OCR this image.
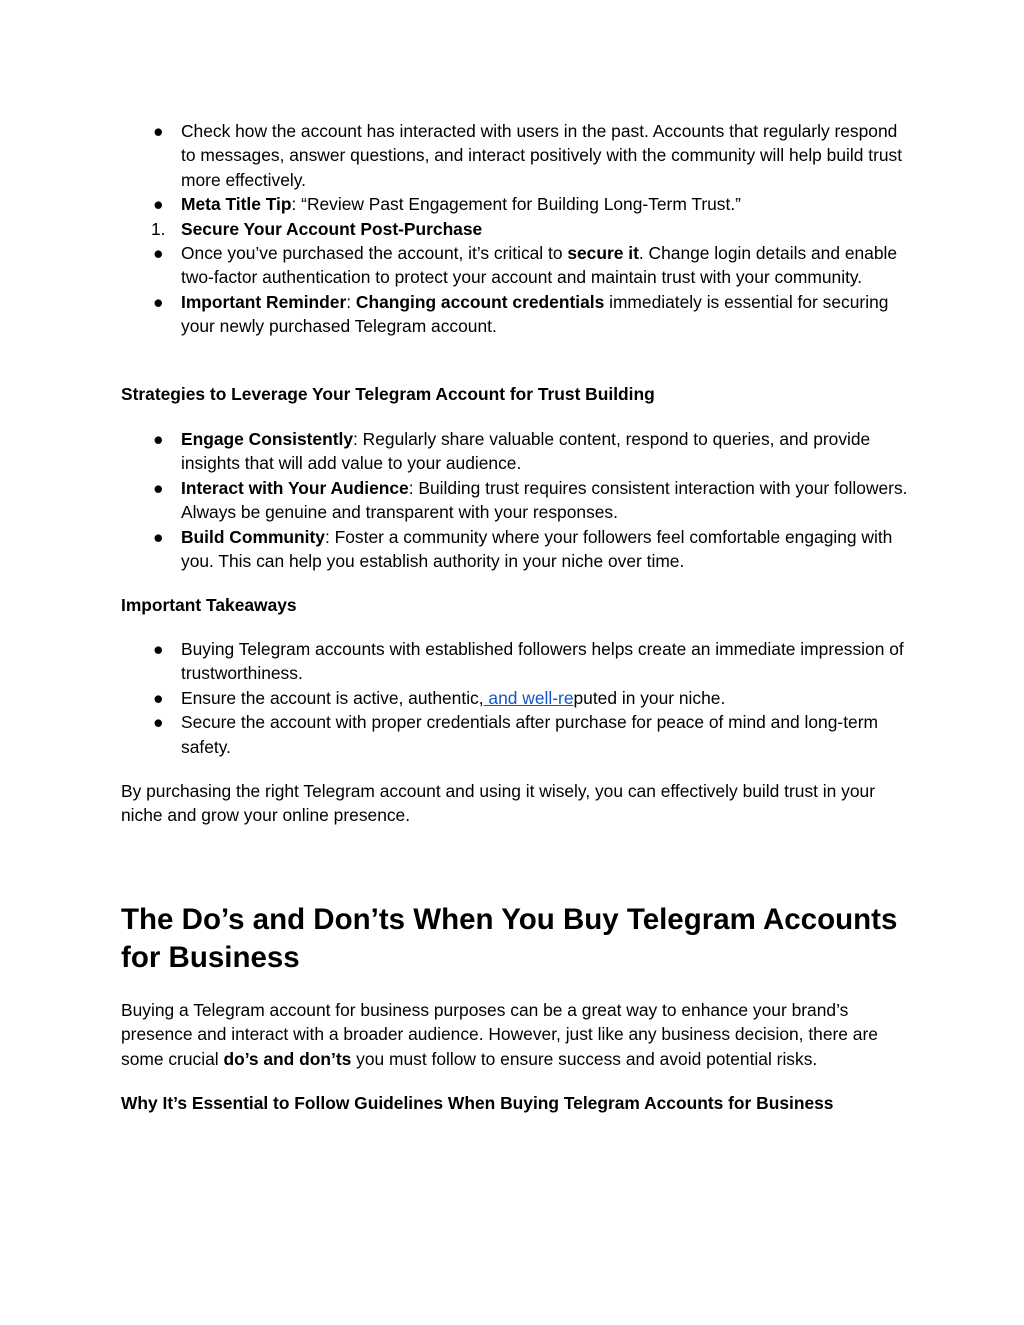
● Check how the account has interacted with users in the past. Accounts that regularly respond to messages, answer questions, and interact positively with the community will help build trust more effectively.
● Meta Title Tip: “Review Past Engagement for Building Long-Term Trust.”
1. Secure Your Account Post-Purchase
● Once you’ve purchased the account, it’s critical to secure it. Change login details and enable two-factor authentication to protect your account and maintain trust with your community.
● Important Reminder: Changing account credentials immediately is essential for securing your newly purchased Telegram account.
Strategies to Leverage Your Telegram Account for Trust Building
● Engage Consistently: Regularly share valuable content, respond to queries, and provide insights that will add value to your audience.
● Interact with Your Audience: Building trust requires consistent interaction with your followers. Always be genuine and transparent with your responses.
● Build Community: Foster a community where your followers feel comfortable engaging with you. This can help you establish authority in your niche over time.
Important Takeaways
● Buying Telegram accounts with established followers helps create an immediate impression of trustworthiness.
● Ensure the account is active, authentic, and well-reputed in your niche.
● Secure the account with proper credentials after purchase for peace of mind and long-term safety.

By purchasing the right Telegram account and using it wisely, you can effectively build trust in your niche and grow your online presence.

The Do’s and Don’ts When You Buy Telegram Accounts for Business

Buying a Telegram account for business purposes can be a great way to enhance your brand’s presence and interact with a broader audience. However, just like any business decision, there are some crucial do’s and don’ts you must follow to ensure success and avoid potential risks.

Why It’s Essential to Follow Guidelines When Buying Telegram Accounts for Business
